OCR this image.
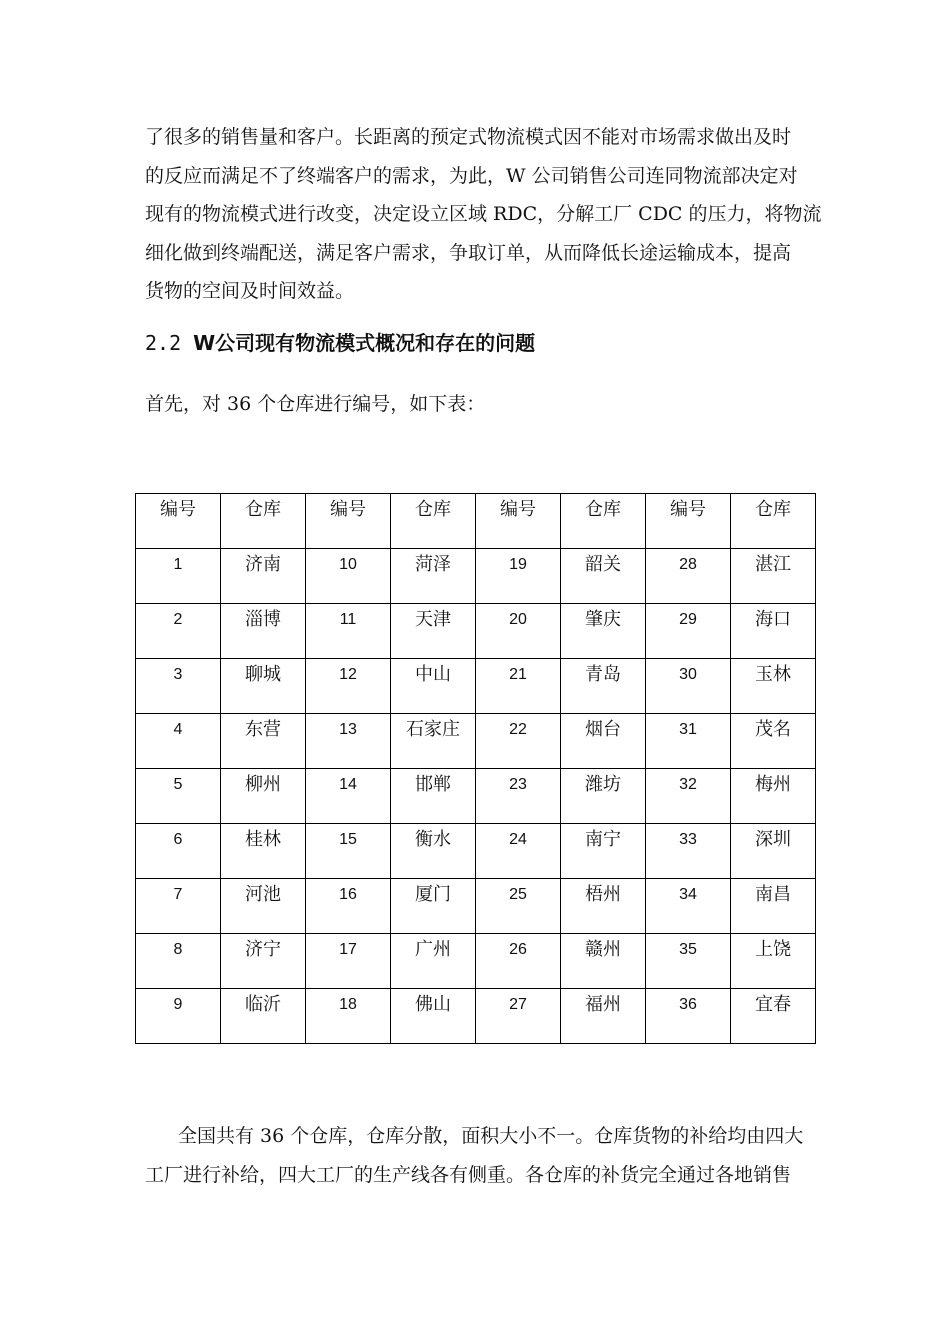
了很多的销售量和客户。长距离的预定式物流模式因不能对市场需求做出及时
的反应而满足不了终端客户的需求，为此，W 公司销售公司连同物流部决定对
现有的物流模式进行改变，决定设立区域 RDC，分解工厂 CDC 的压力，将物流
细化做到终端配送，满足客户需求，争取订单，从而降低长途运输成本，提高
货物的空间及时间效益。

2.2 W公司现有物流模式概况和存在的问题

首先，对 36 个仓库进行编号，如下表：

编号	仓库	编号	仓库	编号	仓库	编号	仓库
1	济南	10	菏泽	19	韶关	28	湛江
2	淄博	11	天津	20	肇庆	29	海口
3	聊城	12	中山	21	青岛	30	玉林
4	东营	13	石家庄	22	烟台	31	茂名
5	柳州	14	邯郸	23	潍坊	32	梅州
6	桂林	15	衡水	24	南宁	33	深圳
7	河池	16	厦门	25	梧州	34	南昌
8	济宁	17	广州	26	赣州	35	上饶
9	临沂	18	佛山	27	福州	36	宜春

全国共有 36 个仓库，仓库分散，面积大小不一。仓库货物的补给均由四大
工厂进行补给，四大工厂的生产线各有侧重。各仓库的补货完全通过各地销售
